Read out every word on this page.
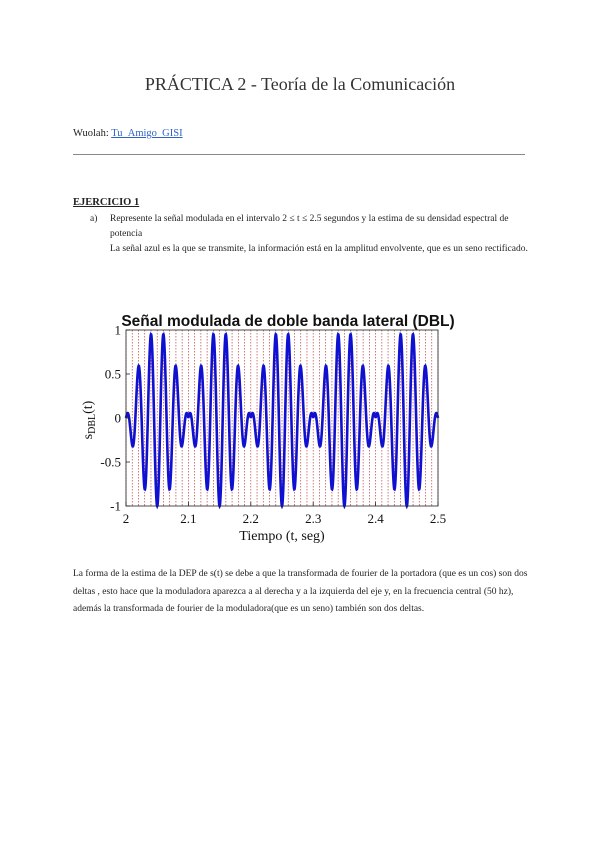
PRÁCTICA 2 - Teoría de la Comunicación
Wuolah: Tu_Amigo_GISI
EJERCICIO 1
a) Represente la señal modulada en el intervalo 2 ≤ t ≤ 2.5 segundos y la estima de su densidad espectral de potencia

La señal azul es la que se transmite, la información está en la amplitud envolvente, que es un seno rectificado.

Señal modulada de doble banda lateral (DBL)
2	2.1	2.2	2.3	2.4	2.5
1
0.5
0
-0.5
-1
Tiempo (t, seg)
$s_{DBL}(t)$
La forma de la estima de la DEP de s(t) se debe a que la transformada de fourier de la portadora (que es un cos) son dos deltas , esto hace que la moduladora aparezca a al derecha y a la izquierda del eje y, en la frecuencia central (50 hz), además la transformada de fourier de la moduladora(que es un seno) también son dos deltas.
